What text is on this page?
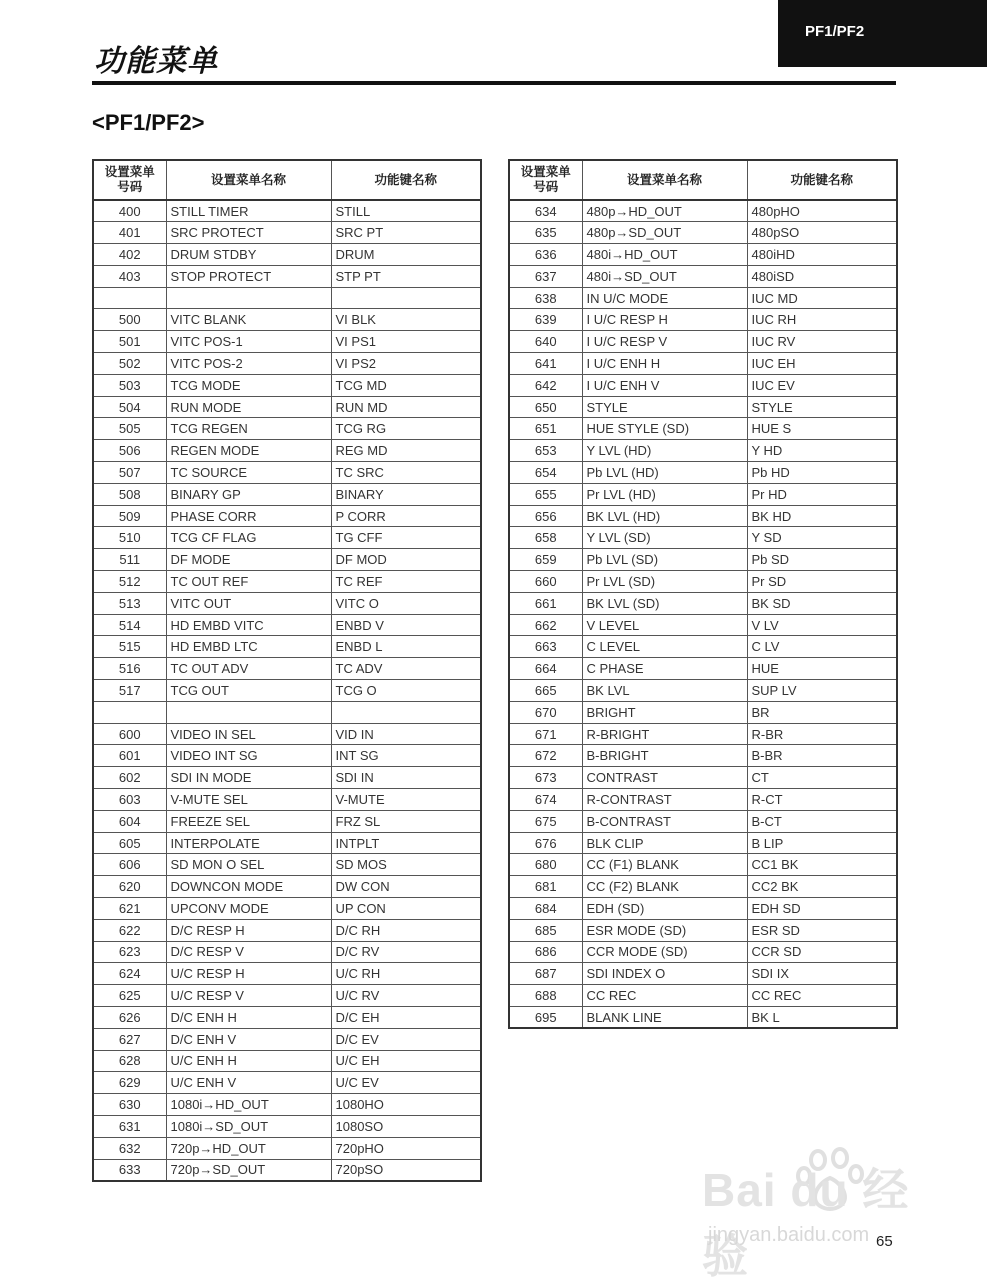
PF1/PF2
功能菜单
<PF1/PF2>
设置菜单
号码	设置菜单名称	功能键名称
400	STILL TIMER	STILL
401	SRC PROTECT	SRC PT
402	DRUM STDBY	DRUM
403	STOP PROTECT	STP PT

500	VITC BLANK	VI BLK
501	VITC POS-1	VI PS1
502	VITC POS-2	VI PS2
503	TCG MODE	TCG MD
504	RUN MODE	RUN MD
505	TCG REGEN	TCG RG
506	REGEN MODE	REG MD
507	TC SOURCE	TC SRC
508	BINARY GP	BINARY
509	PHASE CORR	P CORR
510	TCG CF FLAG	TG CFF
511	DF MODE	DF MOD
512	TC OUT REF	TC REF
513	VITC OUT	VITC O
514	HD EMBD VITC	ENBD V
515	HD EMBD LTC	ENBD L
516	TC OUT ADV	TC ADV
517	TCG OUT	TCG O

600	VIDEO IN SEL	VID IN
601	VIDEO INT SG	INT SG
602	SDI IN MODE	SDI IN
603	V-MUTE SEL	V-MUTE
604	FREEZE SEL	FRZ SL
605	INTERPOLATE	INTPLT
606	SD MON O SEL	SD MOS
620	DOWNCON MODE	DW CON
621	UPCONV MODE	UP CON
622	D/C RESP H	D/C RH
623	D/C RESP V	D/C RV
624	U/C RESP H	U/C RH
625	U/C RESP V	U/C RV
626	D/C ENH H	D/C EH
627	D/C ENH V	D/C EV
628	U/C ENH H	U/C EH
629	U/C ENH V	U/C EV
630	1080i→HD_OUT	1080HO
631	1080i→SD_OUT	1080SO
632	720p→HD_OUT	720pHO
633	720p→SD_OUT	720pSO
设置菜单
号码	设置菜单名称	功能键名称
634	480p→HD_OUT	480pHO
635	480p→SD_OUT	480pSO
636	480i→HD_OUT	480iHD
637	480i→SD_OUT	480iSD
638	IN U/C MODE	IUC MD
639	I U/C RESP H	IUC RH
640	I U/C RESP V	IUC RV
641	I U/C ENH H	IUC EH
642	I U/C ENH V	IUC EV
650	STYLE	STYLE
651	HUE STYLE (SD)	HUE S
653	Y LVL (HD)	Y HD
654	Pb LVL (HD)	Pb HD
655	Pr LVL (HD)	Pr HD
656	BK LVL (HD)	BK HD
658	Y LVL (SD)	Y SD
659	Pb LVL (SD)	Pb SD
660	Pr LVL (SD)	Pr SD
661	BK LVL (SD)	BK SD
662	V LEVEL	V LV
663	C LEVEL	C LV
664	C PHASE	HUE
665	BK LVL	SUP LV
670	BRIGHT	BR
671	R-BRIGHT	R-BR
672	B-BRIGHT	B-BR
673	CONTRAST	CT
674	R-CONTRAST	R-CT
675	B-CONTRAST	B-CT
676	BLK CLIP	B LIP
680	CC (F1) BLANK	CC1 BK
681	CC (F2) BLANK	CC2 BK
684	EDH (SD)	EDH SD
685	ESR MODE (SD)	ESR SD
686	CCR MODE (SD)	CCR SD
687	SDI INDEX O	SDI IX
688	CC REC	CC REC
695	BLANK LINE	BK L
Bai du 经验
jingyan.baidu.com 65
